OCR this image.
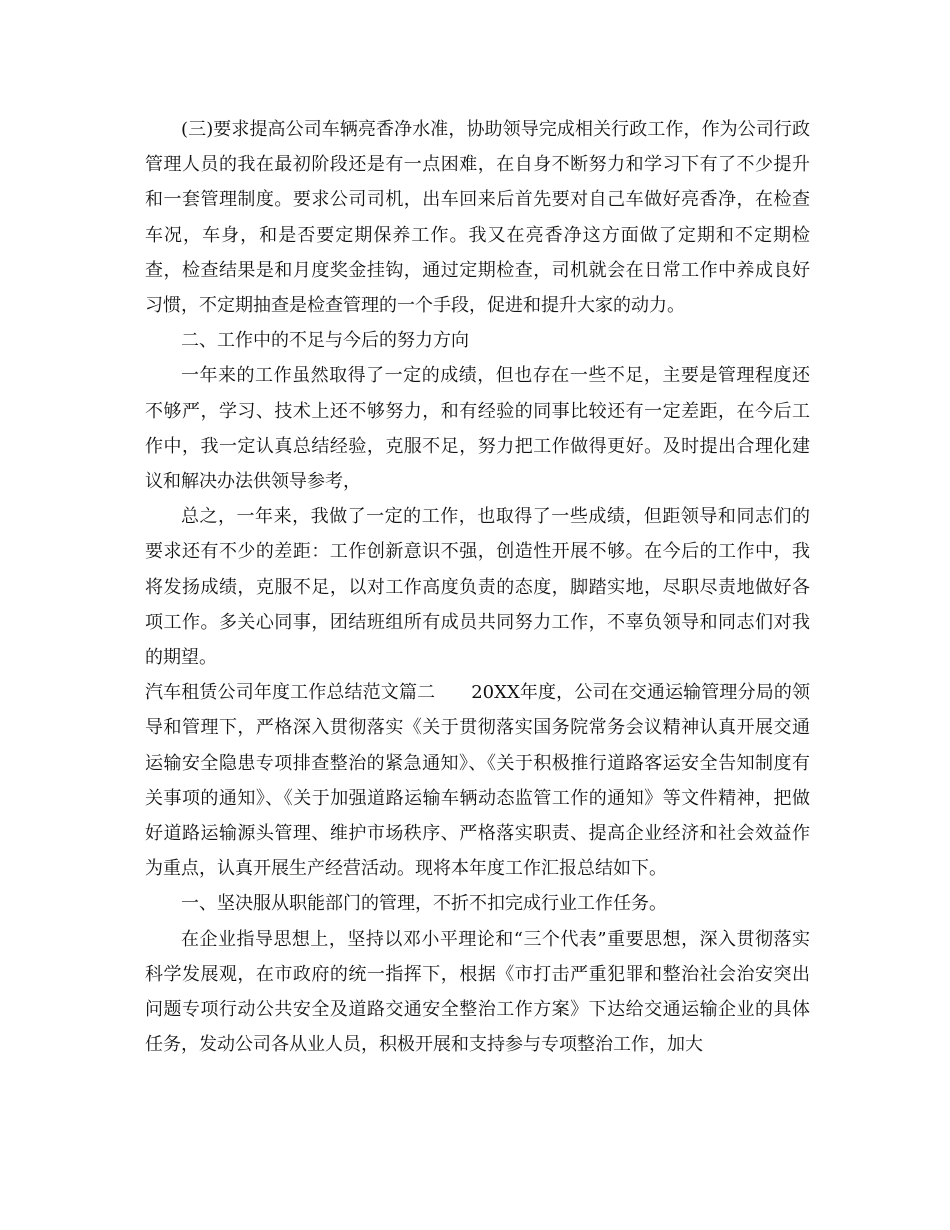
(三)要求提高公司车辆亮香净水准，协助领导完成相关行政工作，作为公司行政管理人员的我在最初阶段还是有一点困难，在自身不断努力和学习下有了不少提升和一套管理制度。要求公司司机，出车回来后首先要对自己车做好亮香净，在检查车况，车身，和是否要定期保养工作。我又在亮香净这方面做了定期和不定期检查，检查结果是和月度奖金挂钩，通过定期检查，司机就会在日常工作中养成良好习惯，不定期抽查是检查管理的一个手段，促进和提升大家的动力。

二、工作中的不足与今后的努力方向

一年来的工作虽然取得了一定的成绩，但也存在一些不足，主要是管理程度还不够严，学习、技术上还不够努力，和有经验的同事比较还有一定差距，在今后工作中，我一定认真总结经验，克服不足，努力把工作做得更好。及时提出合理化建议和解决办法供领导参考，

总之，一年来，我做了一定的工作，也取得了一些成绩，但距领导和同志们的要求还有不少的差距：工作创新意识不强，创造性开展不够。在今后的工作中，我将发扬成绩，克服不足，以对工作高度负责的态度，脚踏实地，尽职尽责地做好各项工作。多关心同事，团结班组所有成员共同努力工作，不辜负领导和同志们对我的期望。

汽车租赁公司年度工作总结范文篇二 20XX年度，公司在交通运输管理分局的领导和管理下，严格深入贯彻落实《关于贯彻落实国务院常务会议精神认真开展交通运输安全隐患专项排查整治的紧急通知》、《关于积极推行道路客运安全告知制度有关事项的通知》、《关于加强道路运输车辆动态监管工作的通知》等文件精神，把做好道路运输源头管理、维护市场秩序、严格落实职责、提高企业经济和社会效益作为重点，认真开展生产经营活动。现将本年度工作汇报总结如下。

一、坚决服从职能部门的管理，不折不扣完成行业工作任务。

在企业指导思想上，坚持以邓小平理论和“三个代表”重要思想，深入贯彻落实科学发展观，在市政府的统一指挥下，根据《市打击严重犯罪和整治社会治安突出问题专项行动公共安全及道路交通安全整治工作方案》下达给交通运输企业的具体任务，发动公司各从业人员，积极开展和支持参与专项整治工作，加大
